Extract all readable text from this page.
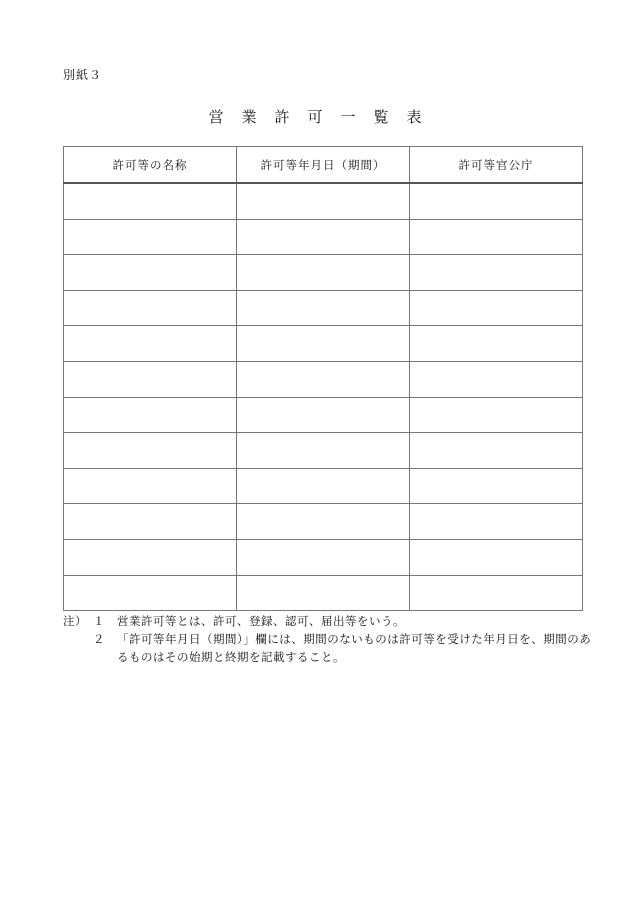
別紙３
営業許可一覧表
許可等の名称	許可等年月日（期間）	許可等官公庁

注） １	営業許可等とは、許可、登録、認可、届出等をいう。
２	「許可等年月日（期間）」欄には、期間のないものは許可等を受けた年月日を、期間のあるものはその始期と終期を記載すること。
